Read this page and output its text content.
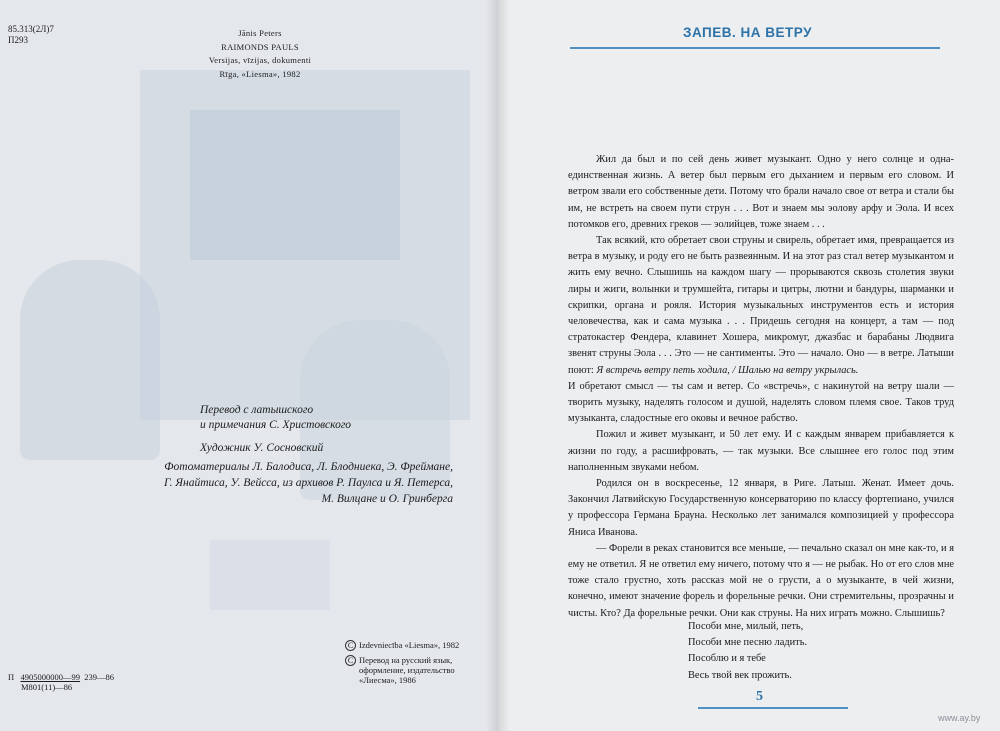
85.313(2Л)7
П293
Jānis Peters
RAIMONDS PAULS
Versijas, vīzijas, dokumenti
Rīga, «Liesma», 1982
Перевод с латышского
и примечания С. Христовского
Художник У. Сосновский
Фотоматериалы Л. Балодиса, Л. Блодниека, Э. Фреймане,
Г. Янайтиса, У. Вейсса, из архивов Р. Паулса и Я. Петерса,
М. Вилцане и О. Гринберга
П 4905000000—99 239—86
М801(11)—86
C Izdevniecība «Liesma», 1982
C Перевод на русский язык,
оформление, издательство
«Лиесма», 1986
ЗАПЕВ. НА ВЕТРУ

Жил да был и по сей день живет музыкант. Одно у него солнце и одна-единственная жизнь. А ветер был первым его дыханием и первым его словом. И ветром звали его собственные дети. Потому что брали начало свое от ветра и стали бы им, не встреть на своем пути струн . . . Вот и знаем мы эолову арфу и Эола. И всех потомков его, древних греков — эолийцев, тоже знаем . . .

Так всякий, кто обретает свои струны и свирель, обретает имя, превращается из ветра в музыку, и роду его не быть развеянным. И на этот раз стал ветер музыкантом и жить ему вечно. Слышишь на каждом шагу — прорываются сквозь столетия звуки лиры и жиги, волынки и трумшейта, гитары и цитры, лютни и бандуры, шарманки и скрипки, органа и рояля. История музыкальных инструментов есть и история человечества, как и сама музыка . . . Придешь сегодня на концерт, а там — под стратокастер Фендера, клавинет Хошера, микромуг, джазбас и барабаны Людвига звенят струны Эола . . . Это — не сантименты. Это — начало. Оно — в ветре. Латыши поют: Я встречь ветру петь ходила, / Шалью на ветру укрылась.

И обретают смысл — ты сам и ветер. Со «встречь», с накинутой на ветру шали — творить музыку, наделять голосом и душой, наделять словом племя свое. Таков труд музыканта, сладостные его оковы и вечное рабство.

Пожил и живет музыкант, и 50 лет ему. И с каждым январем прибавляется к жизни по году, а расшифровать, — так музыки. Все слышнее его голос под этим наполненным звуками небом.

Родился он в воскресенье, 12 января, в Риге. Латыш. Женат. Имеет дочь. Закончил Латвийскую Государственную консерваторию по классу фортепиано, учился у профессора Германа Брауна. Несколько лет занимался композицией у профессора Яниса Иванова.

— Форели в реках становится все меньше, — печально сказал он мне как-то, и я ему не ответил. Я не ответил ему ничего, потому что я — не рыбак. Но от его слов мне тоже стало грустно, хоть рассказ мой не о грусти, а о музыканте, в чей жизни, конечно, имеют значение форель и форельные речки. Они стремительны, прозрачны и чисты. Кто? Да форельные речки. Они как струны. На них играть можно. Слышишь?

Пособи мне, милый, петь,
Пособи мне песню ладить.
Пособлю и я тебе
Весь твой век прожить.
5
www.ay.by
